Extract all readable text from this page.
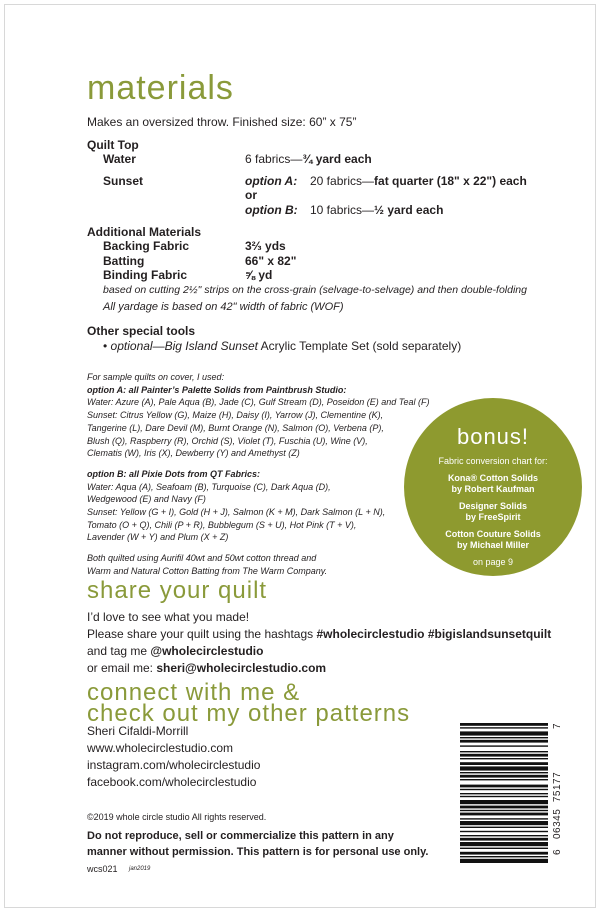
materials
Makes an oversized throw. Finished size: 60” x 75”
Quilt Top
Water	6 fabrics—¾ yard each
Sunset	option A: 20 fabrics—fat quarter (18" x 22") each
or
option B: 10 fabrics—½ yard each
Additional Materials
Backing Fabric	3⅔ yds
Batting	66" x 82"
Binding Fabric	⅝ yd
based on cutting 2½" strips on the cross-grain (selvage-to-selvage) and then double-folding
All yardage is based on 42" width of fabric (WOF)
Other special tools
• optional—Big Island Sunset Acrylic Template Set (sold separately)
For sample quilts on cover, I used:
option A: all Painter’s Palette Solids from Paintbrush Studio:
Water: Azure (A), Pale Aqua (B), Jade (C), Gulf Stream (D), Poseidon (E) and Teal (F)
Sunset: Citrus Yellow (G), Maize (H), Daisy (I), Yarrow (J), Clementine (K),
Tangerine (L), Dare Devil (M), Burnt Orange (N), Salmon (O), Verbena (P),
Blush (Q), Raspberry (R), Orchid (S), Violet (T), Fuschia (U), Wine (V),
Clematis (W), Iris (X), Dewberry (Y) and Amethyst (Z)
option B: all Pixie Dots from QT Fabrics:
Water: Aqua (A), Seafoam (B), Turquoise (C), Dark Aqua (D),
Wedgewood (E) and Navy (F)
Sunset: Yellow (G + I), Gold (H + J), Salmon (K + M), Dark Salmon (L + N),
Tomato (O + Q), Chili (P + R), Bubblegum (S + U), Hot Pink (T + V),
Lavender (W + Y) and Plum (X + Z)
Both quilted using Aurifil 40wt and 50wt cotton thread and
Warm and Natural Cotton Batting from The Warm Company.
bonus!
Fabric conversion chart for:
Kona® Cotton Solids
by Robert Kaufman
Designer Solids
by FreeSpirit
Cotton Couture Solids
by Michael Miller
on page 9
share your quilt
I’d love to see what you made!
Please share your quilt using the hashtags #wholecirclestudio #bigislandsunsetquilt
and tag me @wholecirclestudio
or email me: sheri@wholecirclestudio.com
connect with me &
check out my other patterns
Sheri Cifaldi-Morrill
www.wholecirclestudio.com
instagram.com/wholecirclestudio
facebook.com/wholecirclestudio
©2019 whole circle studio All rights reserved.
Do not reproduce, sell or commercialize this pattern in any
manner without permission. This pattern is for personal use only.
wcs021 jan2019
6
06345  75177
7
